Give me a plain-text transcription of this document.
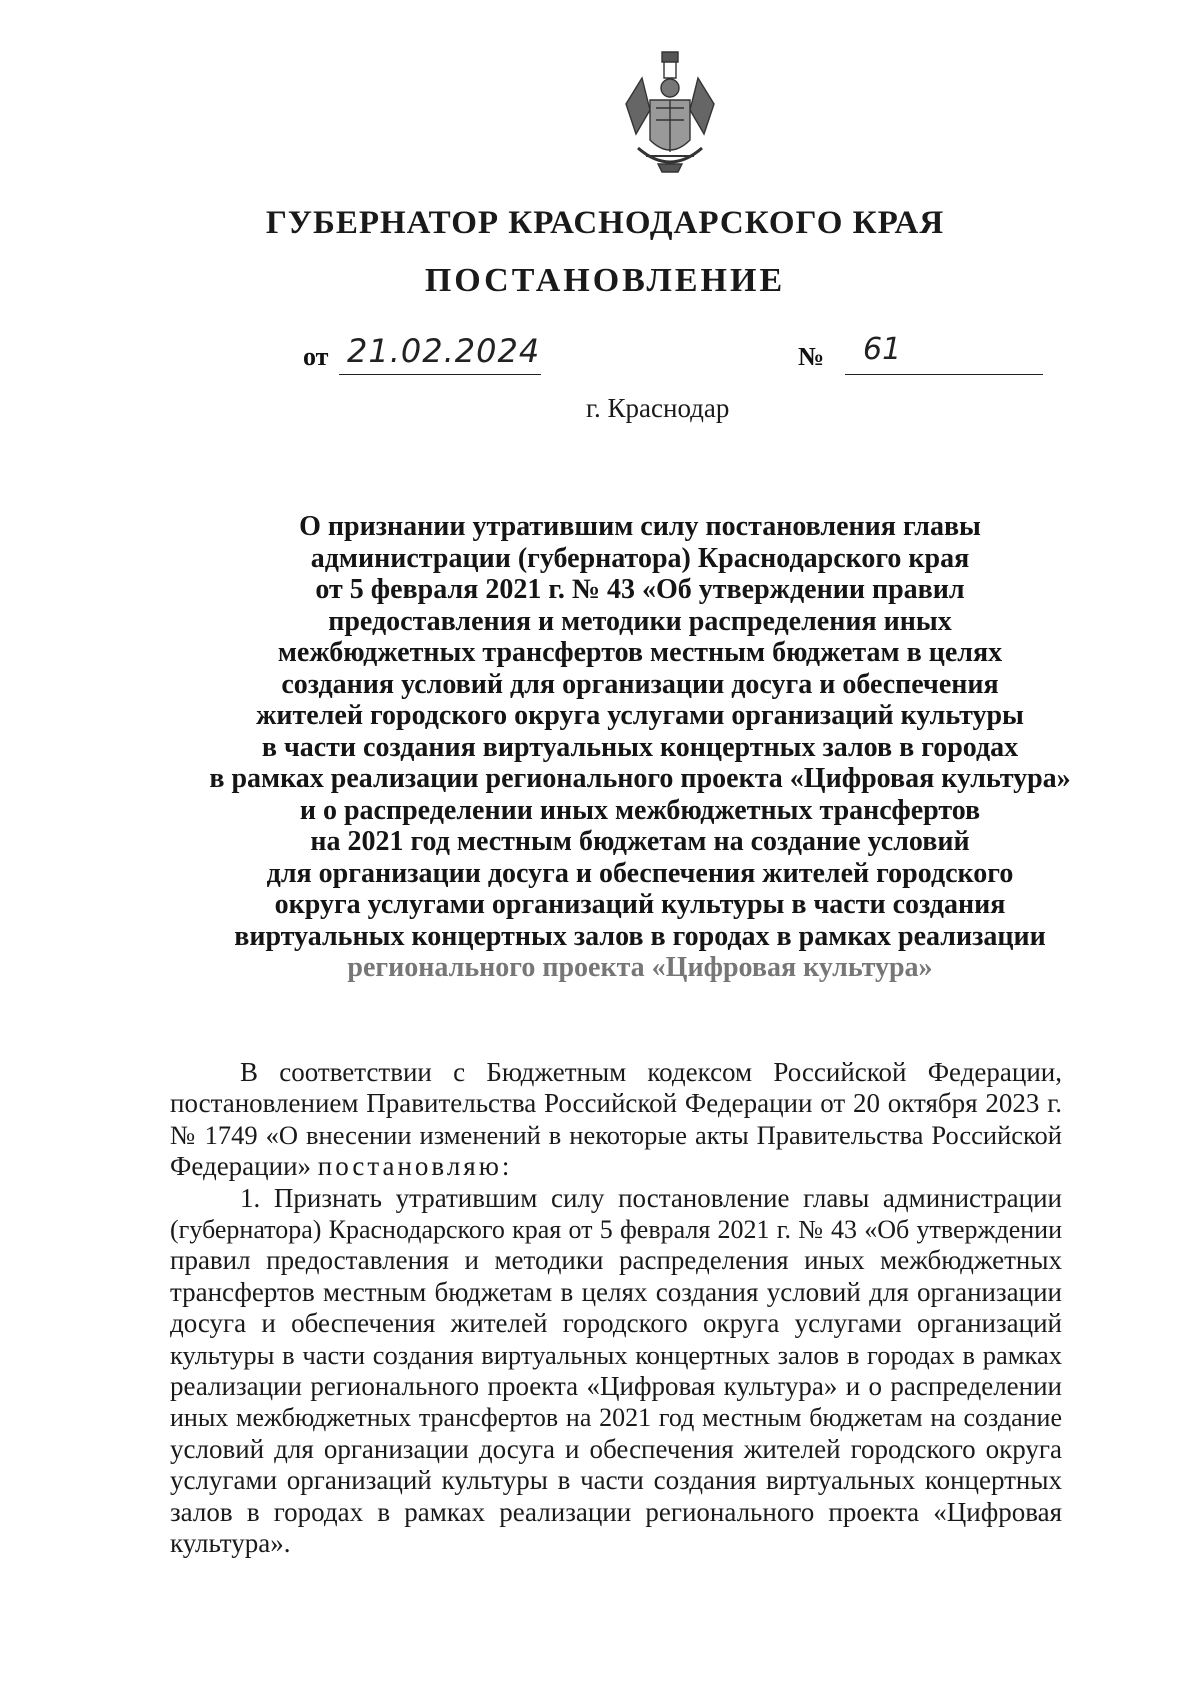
ГУБЕРНАТОР КРАСНОДАРСКОГО КРАЯ
ПОСТАНОВЛЕНИЕ
от 21.02.2024	№ 61
г. Краснодар
О признании утратившим силу постановления главы
администрации (губернатора) Краснодарского края
от 5 февраля 2021 г. № 43 «Об утверждении правил
предоставления и методики распределения иных
межбюджетных трансфертов местным бюджетам в целях
создания условий для организации досуга и обеспечения
жителей городского округа услугами организаций культуры
в части создания виртуальных концертных залов в городах
в рамках реализации регионального проекта «Цифровая культура»
и о распределении иных межбюджетных трансфертов
на 2021 год местным бюджетам на создание условий
для организации досуга и обеспечения жителей городского
округа услугами организаций культуры в части создания
виртуальных концертных залов в городах в рамках реализации
регионального проекта «Цифровая культура»

В соответствии с Бюджетным кодексом Российской Федерации,
постановлением Правительства Российской Федерации от 20 октября 2023 г.
№ 1749 «О внесении изменений в некоторые акты Правительства Российской
Федерации» постановляю:

1. Признать утратившим силу постановление главы администрации
(губернатора) Краснодарского края от 5 февраля 2021 г. № 43 «Об утверждении
правил предоставления и методики распределения иных межбюджетных
трансфертов местным бюджетам в целях создания условий для организации
досуга и обеспечения жителей городского округа услугами организаций
культуры в части создания виртуальных концертных залов в городах в рамках
реализации регионального проекта «Цифровая культура» и о распределении
иных межбюджетных трансфертов на 2021 год местным бюджетам на создание
условий для организации досуга и обеспечения жителей городского округа
услугами организаций культуры в части создания виртуальных концертных
залов в городах в рамках реализации регионального проекта «Цифровая
культура».
